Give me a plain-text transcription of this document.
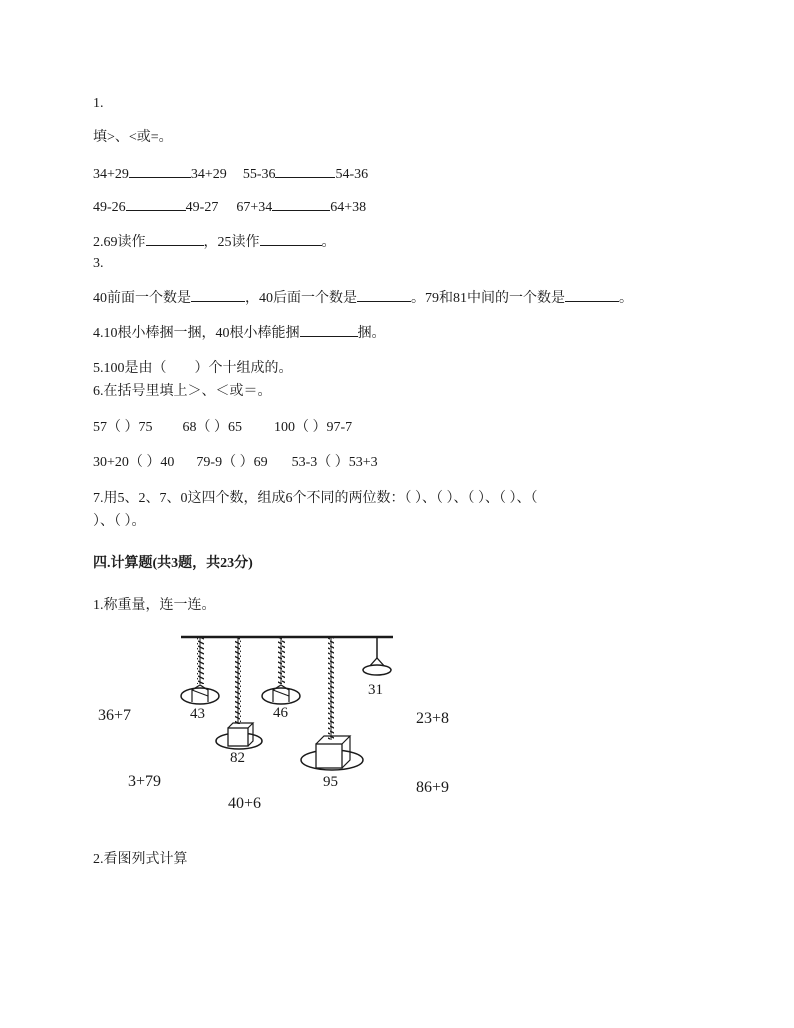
1.
填>、<或=。
34+29	34+29 55-36	54-36
49-26	49-27 67+34	64+38
2.69读作	，25读作	。
3.
40前面一个数是	，40后面一个数是	。79和81中间的一个数是	。
4.10根小棒捆一捆，40根小棒能捆	捆。
5.100是由（　　）个十组成的。
6.在括号里填上＞、＜或＝。
57（ ）75 68（ ）65 100（ ）97-7
30+20（ ）40 79-9（ ）69 53-3（ ）53+3
7.用5、2、7、0这四个数，组成6个不同的两位数：（ ）、（ ）、（ ）、（ ）、（
）、（ ）。
四.计算题(共3题，共23分)
1.称重量，连一连。
43
82
46
95
31
36+7
3+79
40+6
23+8
86+9
2.看图列式计算
